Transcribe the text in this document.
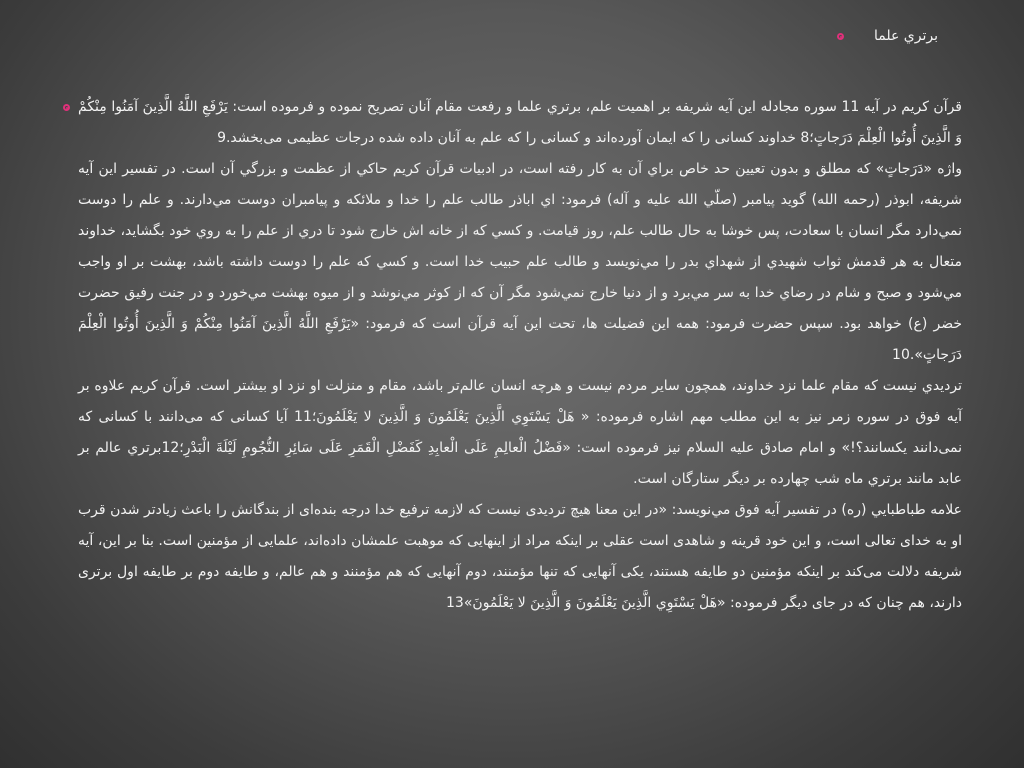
برتري علما

قرآن كريم در آيه 11 سوره مجادله اين آيه شريفه بر اهميت علم، برتري علما و رفعت مقام آنان تصريح نموده و فرموده است: يَرْفَعِ اللَّهُ الَّذِينَ آمَنُوا مِنْكُمْ وَ الَّذِينَ أُوتُوا الْعِلْمَ دَرَجاتٍ؛8 خداوند كسانى را كه ايمان آورده‌اند و كسانى را كه علم به آنان داده شده درجات عظيمى مى‌بخشد.9

واژه «دَرَجاتٍ» كه مطلق و بدون تعيين حد خاص براي آن به كار رفته است، در ادبيات قرآن كريم حاكي از عظمت و بزرگي آن است. در تفسير اين آيه شريفه، ابوذر (رحمه الله) گويد پيامبر (صلّي الله عليه و آله) فرمود: اي اباذر طالب علم را خدا و ملائكه و پيامبران دوست مي‌دارند. و علم را دوست نمي‌دارد مگر انسان با سعادت، پس خوشا به حال طالب علم، روز قيامت. و كسي كه از خانه اش خارج شود تا دري از علم را به روي خود بگشايد، خداوند متعال به هر قدمش ثواب شهيدي از شهداي بدر را مي‌نويسد و طالب علم حبيب خدا است. و كسي كه علم را دوست داشته باشد، بهشت بر او واجب مي‌شود و صبح و شام در رضاي خدا به سر مي‌برد و از دنيا خارج نمي‌شود مگر آن كه از كوثر مي‌نوشد و از ميوه بهشت مي‌خورد و در جنت رفيق حضرت خضر (ع) خواهد بود. سپس حضرت فرمود: همه اين فضيلت ها، تحت اين آيه قرآن است كه فرمود: «يَرْفَعِ اللَّهُ الَّذِينَ آمَنُوا مِنْكُمْ وَ الَّذِينَ أُوتُوا الْعِلْمَ دَرَجاتٍ».10

ترديدي نيست كه مقام علما نزد خداوند، همچون ساير مردم نيست و هرچه انسان عالم‌تر باشد، مقام و منزلت او نزد او بيشتر است. قرآن كريم علاوه بر آيه فوق در سوره زمر نيز به اين مطلب مهم اشاره فرموده: « هَلْ يَسْتَوِي الَّذِينَ يَعْلَمُونَ وَ الَّذِينَ لا يَعْلَمُونَ؛11 آيا كسانى كه مى‌دانند با كسانى كه نمى‌دانند يكسانند؟!» و امام صادق عليه السلام نيز فرموده است: «فَضْلُ الْعالِمِ عَلَى الْعابِدِ كَفَضْلِ الْقَمَرِ عَلَى سَائِرِ النُّجُومِ لَيْلَةَ الْبَدْرِ؛12برتري عالم بر عابد مانند برتري ماه شب چهارده بر ديگر ستارگان است.

علامه طباطبايي (ره) در تفسير آيه فوق مي‌نويسد: «در اين معنا هيچ ترديدى نيست كه لازمه ترفيع خدا درجه بنده‌اى از بندگانش را باعث زيادتر شدن قرب او به خداى تعالى است، و اين خود قرينه و شاهدى است عقلى بر اينكه مراد از اينهايى كه موهبت علمشان داده‌اند، علمايى از مؤمنين است. بنا بر اين، آيه شريفه دلالت مى‌كند بر اينكه مؤمنين دو طايفه هستند، يكى آنهايى كه تنها مؤمنند، دوم آنهايى كه هم مؤمنند و هم عالم، و طايفه دوم بر طايفه اول برترى دارند، هم چنان كه در جاى ديگر فرموده: «هَلْ يَسْتَوِي الَّذِينَ يَعْلَمُونَ وَ الَّذِينَ لا يَعْلَمُونَ»13
